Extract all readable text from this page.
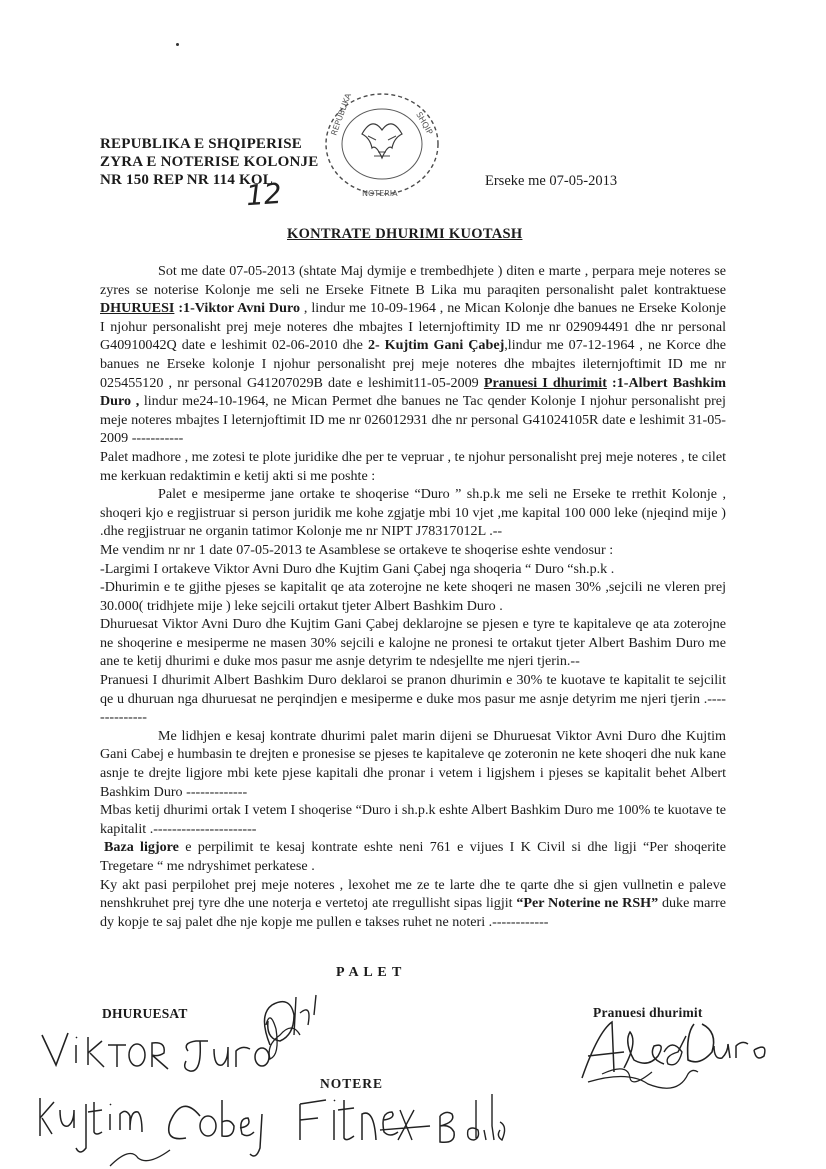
REPUBLIKA E SHQIPERISE
ZYRA E NOTERISE KOLONJE
NR 150 REP NR 114 KOL
12	Erseke me 07-05-2013
REPUBLIKA	SHQIP
NOTERIA
KONTRATE DHURIMI KUOTASH

Sot me date 07-05-2013 (shtate Maj dymije e trembedhjete ) diten e marte , perpara meje noteres se zyres se noterise Kolonje me seli ne Erseke Fitnete B Lika mu paraqiten personalisht palet kontraktuese DHURUESI :1-Viktor Avni Duro , lindur me 10-09-1964 , ne Mican Kolonje dhe banues ne Erseke Kolonje I njohur personalisht prej meje noteres dhe mbajtes I leternjoftimity ID me nr 029094491 dhe nr personal G40910042Q date e leshimit 02-06-2010 dhe 2- Kujtim Gani Çabej,lindur me 07-12-1964 , ne Korce dhe banues ne Erseke kolonje I njohur personalisht prej meje noteres dhe mbajtes ileternjoftimit ID me nr 025455120 , nr personal G41207029B date e leshimit11-05-2009 Pranuesi I dhurimit :1-Albert Bashkim Duro , lindur me24-10-1964, ne Mican Permet dhe banues ne Tac qender Kolonje I njohur personalisht prej meje noteres mbajtes I leternjoftimit ID me nr 026012931 dhe nr personal G41024105R date e leshimit 31-05-2009 -----------

Palet madhore , me zotesi te plote juridike dhe per te vepruar , te njohur personalisht prej meje noteres , te cilet me kerkuan redaktimin e ketij akti si me poshte :

Palet e mesiperme jane ortake te shoqerise “Duro ” sh.p.k me seli ne Erseke te rrethit Kolonje , shoqeri kjo e regjistruar si person juridik me kohe zgjatje mbi 10 vjet ,me kapital 100 000 leke (njeqind mije ) .dhe regjistruar ne organin tatimor Kolonje me nr NIPT J78317012L .--

Me vendim nr nr 1 date 07-05-2013 te Asamblese se ortakeve te shoqerise eshte vendosur :

-Largimi I ortakeve Viktor Avni Duro dhe Kujtim Gani Çabej nga shoqeria “ Duro “sh.p.k .

-Dhurimin e te gjithe pjeses se kapitalit qe ata zoterojne ne kete shoqeri ne masen 30% ,sejcili ne vleren prej 30.000( tridhjete mije ) leke sejcili ortakut tjeter Albert Bashkim Duro .

Dhuruesat Viktor Avni Duro dhe Kujtim Gani Çabej deklarojne se pjesen e tyre te kapitaleve qe ata zoterojne ne shoqerine e mesiperme ne masen 30% sejcili e kalojne ne pronesi te ortakut tjeter Albert Bashim Duro me ane te ketij dhurimi e duke mos pasur me asnje detyrim te ndesjellte me njeri tjerin.--

Pranuesi I dhurimit Albert Bashkim Duro deklaroi se pranon dhurimin e 30% te kuotave te kapitalit te sejcilit qe u dhuruan nga dhuruesat ne perqindjen e mesiperme e duke mos pasur me asnje detyrim me njeri tjerin .--------------

Me lidhjen e kesaj kontrate dhurimi palet marin dijeni se Dhuruesat Viktor Avni Duro dhe Kujtim Gani Cabej e humbasin te drejten e pronesise se pjeses te kapitaleve qe zoteronin ne kete shoqeri dhe nuk kane asnje te drejte ligjore mbi kete pjese kapitali dhe pronar i vetem i ligjshem i pjeses se kapitalit behet Albert Bashkim Duro -------------

Mbas ketij dhurimi ortak I vetem I shoqerise “Duro i sh.p.k eshte Albert Bashkim Duro me 100% te kuotave te kapitalit .----------------------

Baza ligjore e perpilimit te kesaj kontrate eshte neni 761 e vijues I K Civil si dhe ligji “Per shoqerite Tregetare “ me ndryshimet perkatese .

Ky akt pasi perpilohet prej meje noteres , lexohet me ze te larte dhe te qarte dhe si gjen vullnetin e paleve nenshkruhet prej tyre dhe une noterja e vertetoj ate rregullisht sipas ligjit “Per Noterine ne RSH” duke marre dy kopje te saj palet dhe nje kopje me pullen e takses ruhet ne noteri .------------

P A L E T
DHURUESAT	Pranuesi dhurimit
NOTERE
